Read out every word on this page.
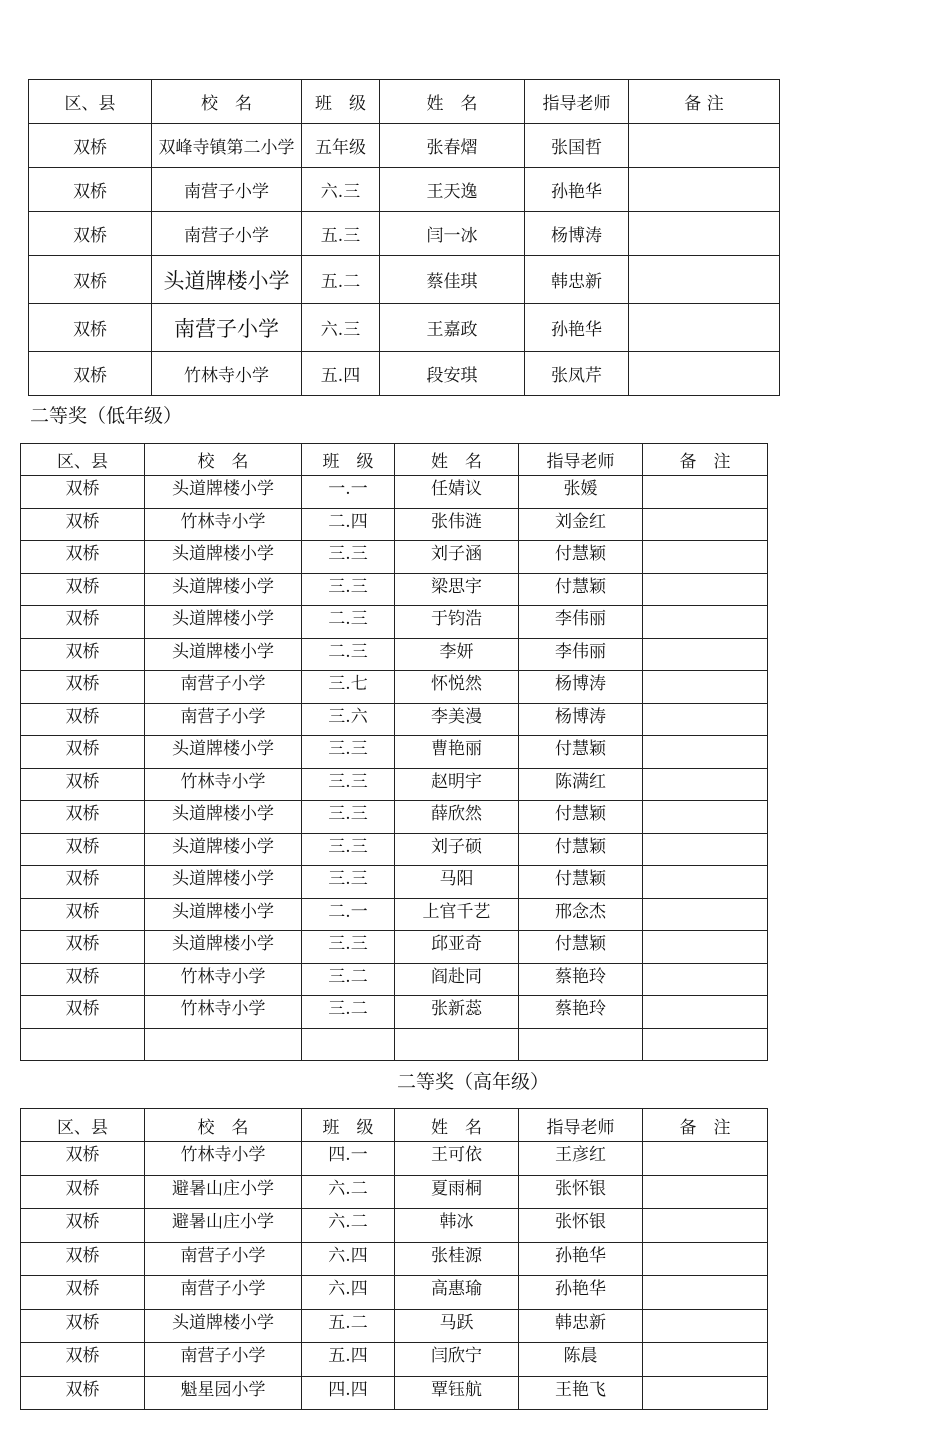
区、县	校　名	班　级	姓　名	指导老师	备 注
双桥	双峰寺镇第二小学	五年级	张春熠	张国哲	
双桥	南营子小学	六.三	王天逸	孙艳华	
双桥	南营子小学	五.三	闫一冰	杨博涛	
双桥	头道牌楼小学	五.二	蔡佳琪	韩忠新	
双桥	南营子小学	六.三	王嘉政	孙艳华	
双桥	竹林寺小学	五.四	段安琪	张凤芹	
二等奖（低年级）
区、县	校　名	班　级	姓　名	指导老师	备　注
双桥	头道牌楼小学	一.一	任婧议	张媛	
双桥	竹林寺小学	二.四	张伟涟	刘金红	
双桥	头道牌楼小学	三.三	刘子涵	付慧颖	
双桥	头道牌楼小学	三.三	梁思宇	付慧颖	
双桥	头道牌楼小学	二.三	于钧浩	李伟丽	
双桥	头道牌楼小学	二.三	李妍	李伟丽	
双桥	南营子小学	三.七	怀悦然	杨博涛	
双桥	南营子小学	三.六	李美漫	杨博涛	
双桥	头道牌楼小学	三.三	曹艳丽	付慧颖	
双桥	竹林寺小学	三.三	赵明宇	陈满红	
双桥	头道牌楼小学	三.三	薛欣然	付慧颖	
双桥	头道牌楼小学	三.三	刘子硕	付慧颖	
双桥	头道牌楼小学	三.三	马阳	付慧颖	
双桥	头道牌楼小学	二.一	上官千艺	邢念杰	
双桥	头道牌楼小学	三.三	邱亚奇	付慧颖	
双桥	竹林寺小学	三.二	阎赴同	蔡艳玲	
双桥	竹林寺小学	三.二	张新蕊	蔡艳玲	

二等奖（高年级）
区、县	校　名	班　级	姓　名	指导老师	备　注
双桥	竹林寺小学	四.一	王可依	王彦红	
双桥	避暑山庄小学	六.二	夏雨桐	张怀银	
双桥	避暑山庄小学	六.二	韩冰	张怀银	
双桥	南营子小学	六.四	张桂源	孙艳华	
双桥	南营子小学	六.四	高惠瑜	孙艳华	
双桥	头道牌楼小学	五.二	马跃	韩忠新	
双桥	南营子小学	五.四	闫欣宁	陈晨	
双桥	魁星园小学	四.四	覃钰航	王艳飞	
